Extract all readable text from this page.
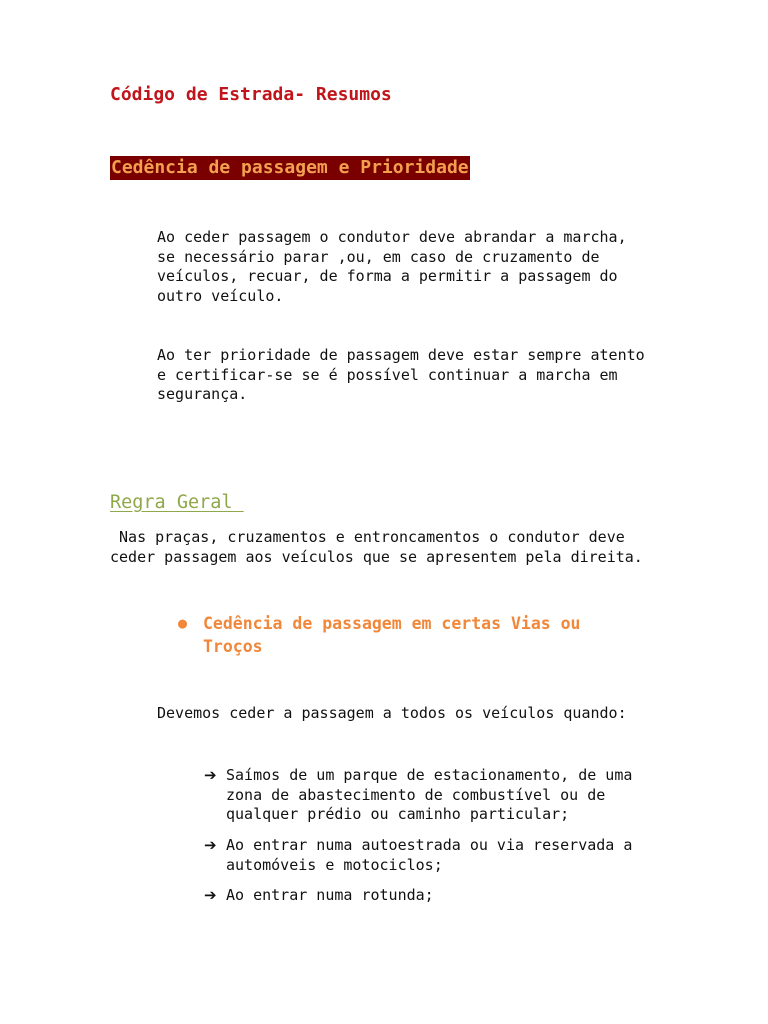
Código de Estrada- Resumos
Cedência de passagem e Prioridade
Ao ceder passagem o condutor deve abrandar a marcha,
se necessário parar ,ou, em caso de cruzamento de
veículos, recuar, de forma a permitir a passagem do
outro veículo.
Ao ter prioridade de passagem deve estar sempre atento
e certificar-se se é possível continuar a marcha em
segurança.
Regra Geral
Nas praças, cruzamentos e entroncamentos o condutor deve
ceder passagem aos veículos que se apresentem pela direita.
● Cedência de passagem em certas Vias ou
Troços
Devemos ceder a passagem a todos os veículos quando:
➔ Saímos de um parque de estacionamento, de uma
zona de abastecimento de combustível ou de
qualquer prédio ou caminho particular;
➔ Ao entrar numa autoestrada ou via reservada a
automóveis e motociclos;
➔ Ao entrar numa rotunda;
